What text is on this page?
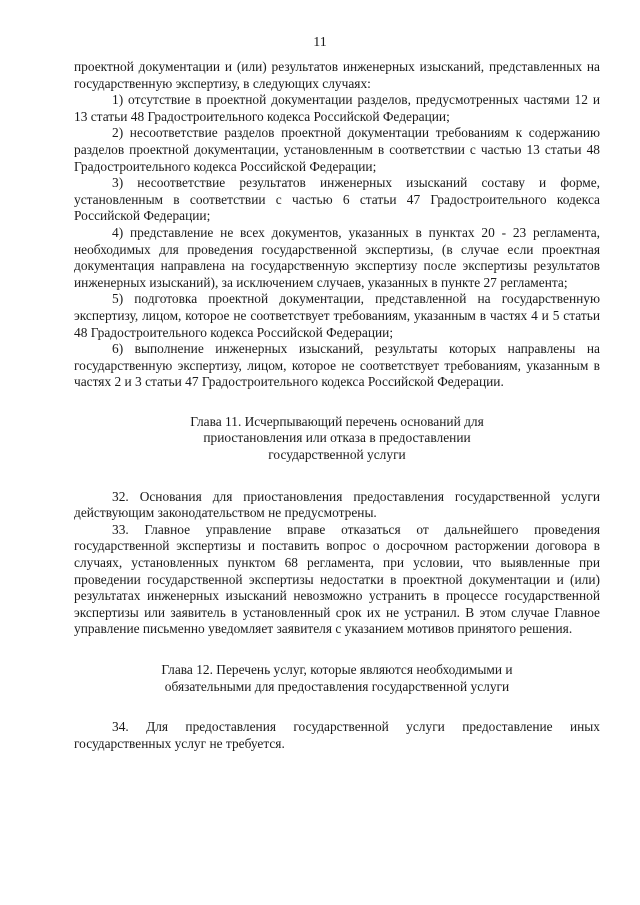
11

проектной документации и (или) результатов инженерных изысканий, представленных на государственную экспертизу, в следующих случаях:

1) отсутствие в проектной документации разделов, предусмотренных частями 12 и 13 статьи 48 Градостроительного кодекса Российской Федерации;

2) несоответствие разделов проектной документации требованиям к содержанию разделов проектной документации, установленным в соответствии с частью 13 статьи 48 Градостроительного кодекса Российской Федерации;

3) несоответствие результатов инженерных изысканий составу и форме, установленным в соответствии с частью 6 статьи 47 Градостроительного кодекса Российской Федерации;

4) представление не всех документов, указанных в пунктах 20 - 23 регламента, необходимых для проведения государственной экспертизы, (в случае если проектная документация направлена на государственную экспертизу после экспертизы результатов инженерных изысканий), за исключением случаев, указанных в пункте 27 регламента;

5) подготовка проектной документации, представленной на государственную экспертизу, лицом, которое не соответствует требованиям, указанным в частях 4 и 5 статьи 48 Градостроительного кодекса Российской Федерации;

6) выполнение инженерных изысканий, результаты которых направлены на государственную экспертизу, лицом, которое не соответствует требованиям, указанным в частях 2 и 3 статьи 47 Градостроительного кодекса Российской Федерации.

Глава 11. Исчерпывающий перечень оснований для
приостановления или отказа в предоставлении
государственной услуги

32. Основания для приостановления предоставления государственной услуги действующим законодательством не предусмотрены.

33. Главное управление вправе отказаться от дальнейшего проведения государственной экспертизы и поставить вопрос о досрочном расторжении договора в случаях, установленных пунктом 68 регламента, при условии, что выявленные при проведении государственной экспертизы недостатки в проектной документации и (или) результатах инженерных изысканий невозможно устранить в процессе государственной экспертизы или заявитель в установленный срок их не устранил. В этом случае Главное управление письменно уведомляет заявителя с указанием мотивов принятого решения.

Глава 12. Перечень услуг, которые являются необходимыми и
обязательными для предоставления государственной услуги

34. Для предоставления государственной услуги предоставление иных государственных услуг не требуется.
